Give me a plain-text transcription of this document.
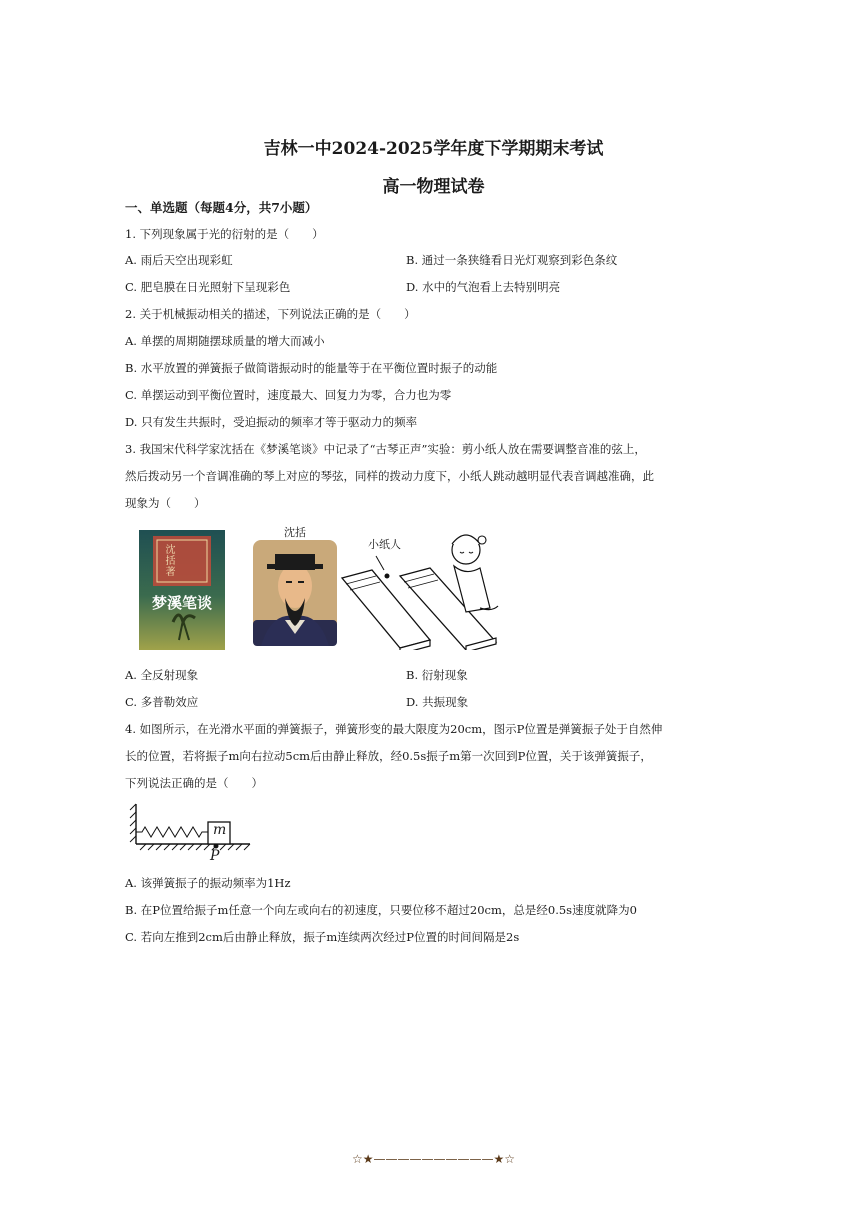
吉林一中2024-2025学年度下学期期末考试
高一物理试卷
一、单选题（每题4分，共7小题）
1. 下列现象属于光的衍射的是（　　）
A. 雨后天空出现彩虹	B. 通过一条狭缝看日光灯观察到彩色条纹
C. 肥皂膜在日光照射下呈现彩色	D. 水中的气泡看上去特别明亮
2. 关于机械振动相关的描述，下列说法正确的是（　　）
A. 单摆的周期随摆球质量的增大而减小
B. 水平放置的弹簧振子做简谐振动时的能量等于在平衡位置时振子的动能
C. 单摆运动到平衡位置时，速度最大、回复力为零，合力也为零
D. 只有发生共振时，受迫振动的频率才等于驱动力的频率
3. 我国宋代科学家沈括在《梦溪笔谈》中记录了“古琴正声”实验：剪小纸人放在需要调整音准的弦上，
然后拨动另一个音调准确的琴上对应的琴弦，同样的拨动力度下，小纸人跳动越明显代表音调越准确，此
现象为（　　）
沈括著
梦溪笔谈
沈括
小纸人
A. 全反射现象	B. 衍射现象
C. 多普勒效应	D. 共振现象
4. 如图所示，在光滑水平面的弹簧振子，弹簧形变的最大限度为20cm，图示P位置是弹簧振子处于自然伸
长的位置，若将振子m向右拉动5cm后由静止释放，经0.5s振子m第一次回到P位置，关于该弹簧振子，
下列说法正确的是（　　）
m
P
A. 该弹簧振子的振动频率为1Hz
B. 在P位置给振子m任意一个向左或向右的初速度，只要位移不超过20cm，总是经0.5s速度就降为0
C. 若向左推到2cm后由静止释放，振子m连续两次经过P位置的时间间隔是2s
☆★——————————★☆
